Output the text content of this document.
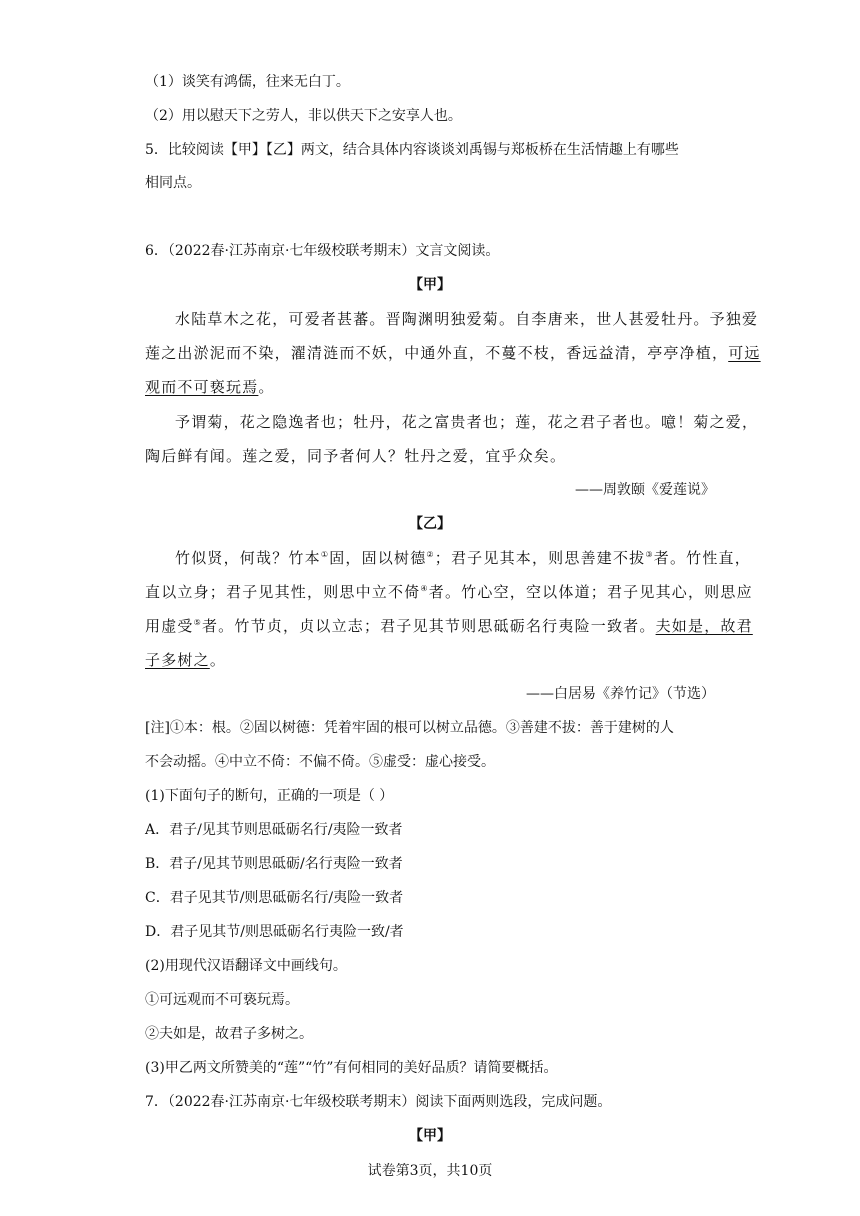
（1）谈笑有鸿儒，往来无白丁。
（2）用以慰天下之劳人，非以供天下之安享人也。
5．比较阅读【甲】【乙】两文，结合具体内容谈谈刘禹锡与郑板桥在生活情趣上有哪些
相同点。
6．（2022春·江苏南京·七年级校联考期末）文言文阅读。
【甲】
水陆草木之花，可爱者甚蕃。晋陶渊明独爱菊。自李唐来，世人甚爱牡丹。予独爱
莲之出淤泥而不染，濯清涟而不妖，中通外直，不蔓不枝，香远益清，亭亭净植，可远
观而不可亵玩焉。
予谓菊，花之隐逸者也；牡丹，花之富贵者也；莲，花之君子者也。噫！菊之爱，
陶后鲜有闻。莲之爱，同予者何人？牡丹之爱，宜乎众矣。
——周敦颐《爱莲说》
【乙】
竹似贤，何哉？竹本①固，固以树德②；君子见其本，则思善建不拔③者。竹性直，
直以立身；君子见其性，则思中立不倚④者。竹心空，空以体道；君子见其心，则思应
用虚受⑤者。竹节贞，贞以立志；君子见其节则思砥砺名行夷险一致者。夫如是，故君
子多树之。
——白居易《养竹记》（节选）
[注]①本：根。②固以树德：凭着牢固的根可以树立品德。③善建不拔：善于建树的人
不会动摇。④中立不倚：不偏不倚。⑤虚受：虚心接受。
(1)下面句子的断句，正确的一项是（ ）
A．君子/见其节则思砥砺名行/夷险一致者
B．君子/见其节则思砥砺/名行夷险一致者
C．君子见其节/则思砥砺名行/夷险一致者
D．君子见其节/则思砥砺名行夷险一致/者
(2)用现代汉语翻译文中画线句。
①可远观而不可亵玩焉。
②夫如是，故君子多树之。
(3)甲乙两文所赞美的“莲”“竹”有何相同的美好品质？请简要概括。
7．（2022春·江苏南京·七年级校联考期末）阅读下面两则选段，完成问题。
【甲】
试卷第3页，共10页
